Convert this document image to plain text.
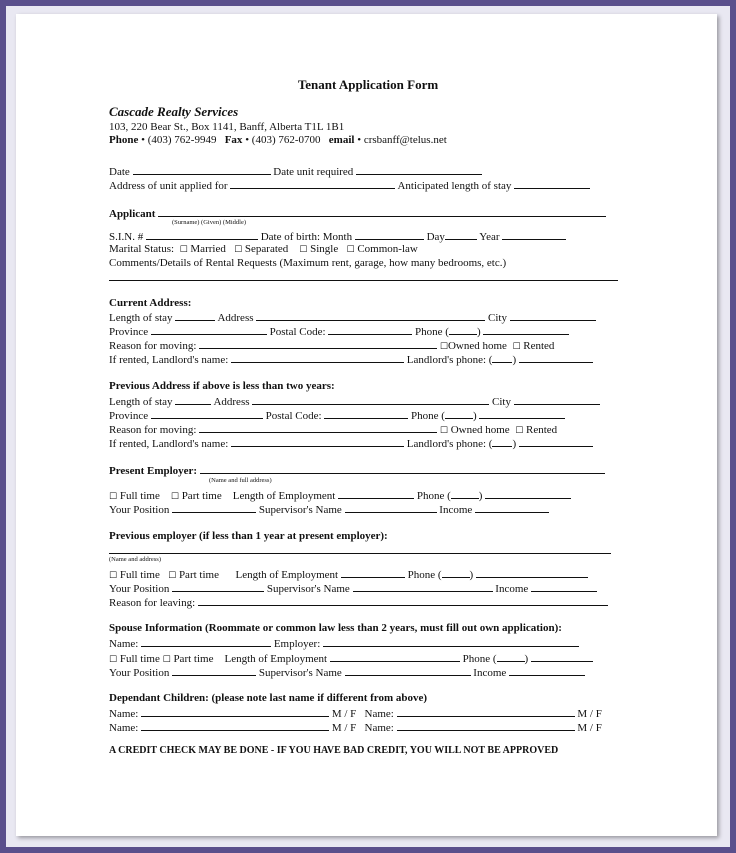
Tenant Application Form
Cascade Realty Services
103, 220 Bear St., Box 1141, Banff, Alberta T1L 1B1
Phone • (403) 762-9949 Fax • (403) 762-0700 email • crsbanff@telus.net
Date	Date unit required
Address of unit applied for	Anticipated length of stay
Applicant
(Surname) (Given) (Middle)
S.I.N. #	Date of birth: Month	Day	Year
Marital Status: ☐ Married ☐ Separated ☐ Single ☐ Common-law
Comments/Details of Rental Requests (Maximum rent, garage, how many bedrooms, etc.)
Current Address:
Length of stay	Address	City
Province	Postal Code:	Phone (	)
Reason for moving:	☐Owned home ☐ Rented
If rented, Landlord's name:	Landlord's phone: ( )
Previous Address if above is less than two years:
Length of stay	Address	City
Province	Postal Code:	Phone (	)
Reason for moving:	☐ Owned home ☐ Rented
If rented, Landlord's name:	Landlord's phone: ( )
Present Employer:
(Name and full address)
☐ Full time ☐ Part time Length of Employment	Phone (	)
Your Position	Supervisor's Name	Income
Previous employer (if less than 1 year at present employer):
(Name and address)
☐ Full time ☐ Part time Length of Employment	Phone (	)
Your Position	Supervisor's Name	Income
Reason for leaving:
Spouse Information (Roommate or common law less than 2 years, must fill out own application):
Name:	Employer:
☐ Full time ☐ Part time Length of Employment	Phone (	)
Your Position	Supervisor's Name	Income
Dependant Children: (please note last name if different from above)
Name:	M / F Name:	M / F
Name:	M / F Name:	M / F
A CREDIT CHECK MAY BE DONE - IF YOU HAVE BAD CREDIT, YOU WILL NOT BE APPROVED
